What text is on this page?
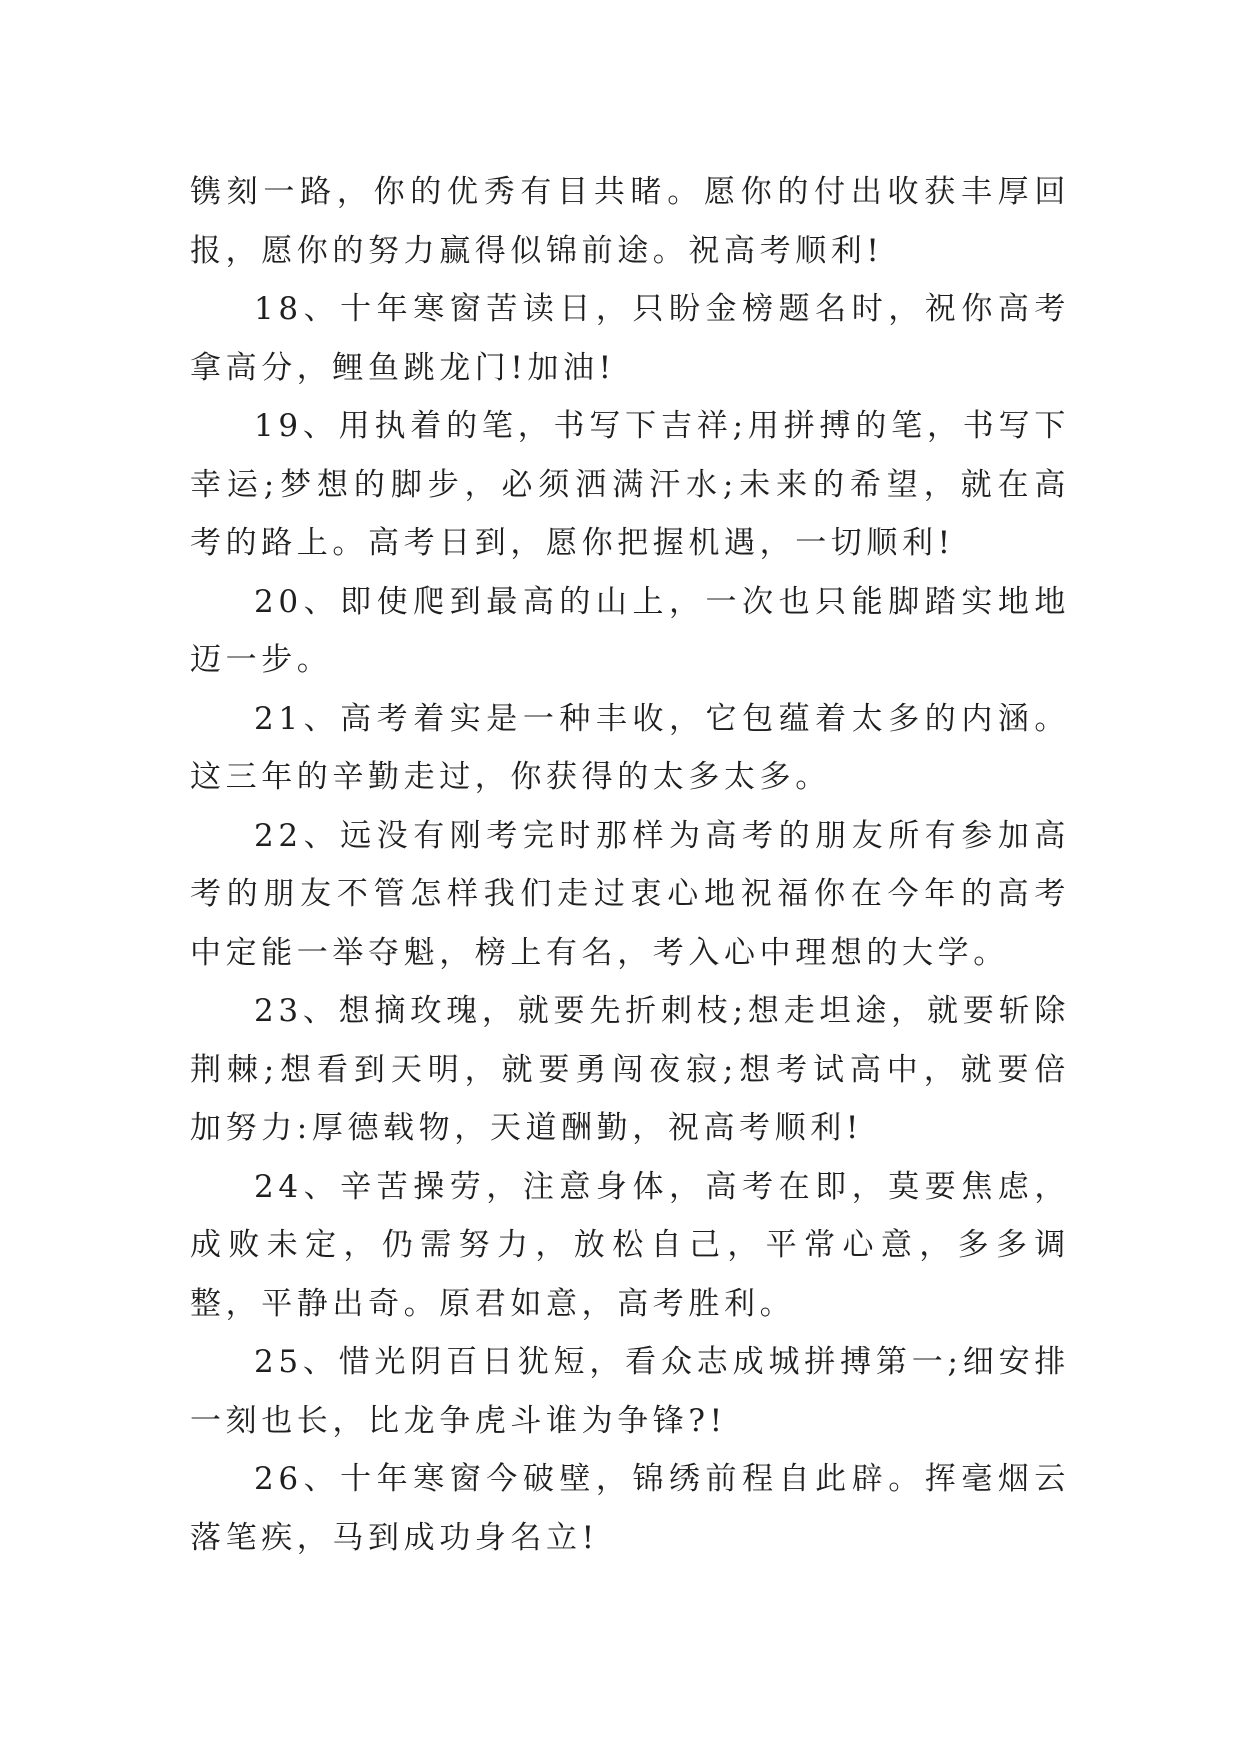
镌刻一路，你的优秀有目共睹。愿你的付出收获丰厚回报，愿你的努力赢得似锦前途。祝高考顺利!

18、十年寒窗苦读日，只盼金榜题名时，祝你高考拿高分，鲤鱼跳龙门!加油!

19、用执着的笔，书写下吉祥;用拼搏的笔，书写下幸运;梦想的脚步，必须洒满汗水;未来的希望，就在高考的路上。高考日到，愿你把握机遇，一切顺利!

20、即使爬到最高的山上，一次也只能脚踏实地地迈一步。

21、高考着实是一种丰收，它包蕴着太多的内涵。这三年的辛勤走过，你获得的太多太多。

22、远没有刚考完时那样为高考的朋友所有参加高考的朋友不管怎样我们走过衷心地祝福你在今年的高考中定能一举夺魁，榜上有名，考入心中理想的大学。

23、想摘玫瑰，就要先折刺枝;想走坦途，就要斩除荆棘;想看到天明，就要勇闯夜寂;想考试高中，就要倍加努力:厚德载物，天道酬勤，祝高考顺利!

24、辛苦操劳，注意身体，高考在即，莫要焦虑，成败未定，仍需努力，放松自己，平常心意，多多调整，平静出奇。原君如意，高考胜利。

25、惜光阴百日犹短，看众志成城拼搏第一;细安排一刻也长，比龙争虎斗谁为争锋?!

26、十年寒窗今破壁，锦绣前程自此辟。挥毫烟云落笔疾，马到成功身名立!
